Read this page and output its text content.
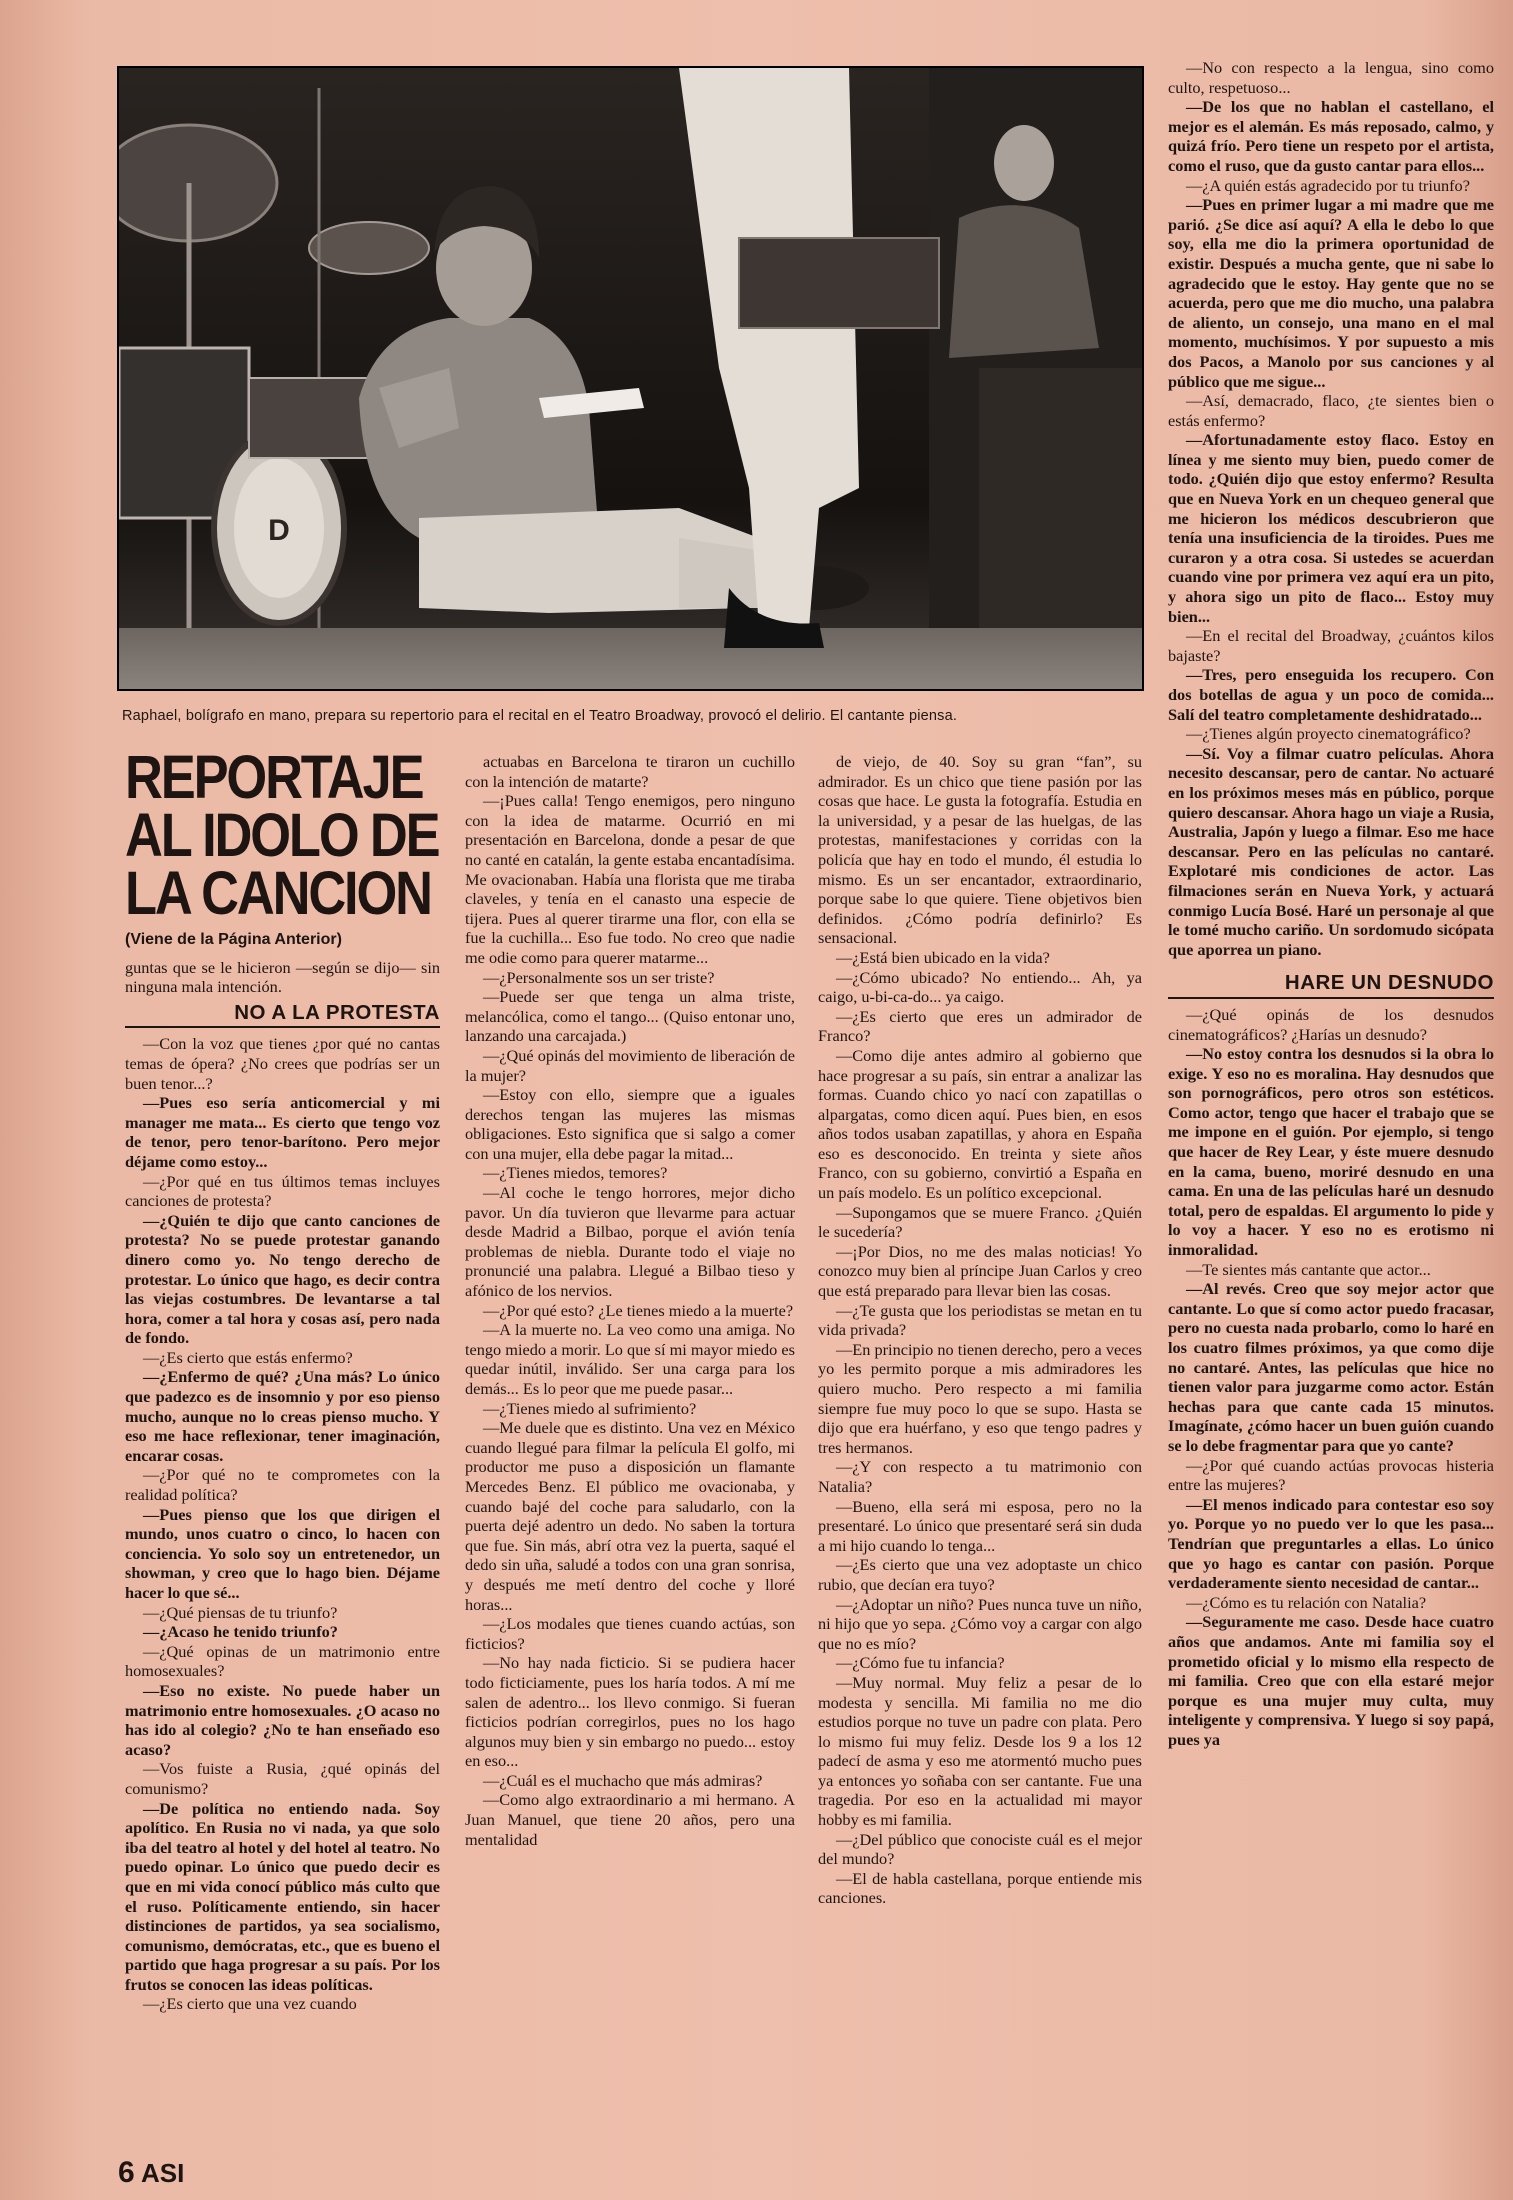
D
Raphael, bolígrafo en mano, prepara su repertorio para el recital en el Teatro Broadway, provocó el delirio. El cantante piensa.
REPORTAJE
AL IDOLO DE
LA CANCION
(Viene de la Página Anterior)

guntas que se le hicieron —según se dijo— sin ninguna mala intención.

NO A LA PROTESTA

—Con la voz que tienes ¿por qué no cantas temas de ópera? ¿No crees que podrías ser un buen tenor...?

—Pues eso sería anticomercial y mi manager me mata... Es cierto que tengo voz de tenor, pero tenor-barítono. Pero mejor déjame como estoy...

—¿Por qué en tus últimos temas incluyes canciones de protesta?

—¿Quién te dijo que canto canciones de protesta? No se puede protestar ganando dinero como yo. No tengo derecho de protestar. Lo único que hago, es decir contra las viejas costumbres. De levantarse a tal hora, comer a tal hora y cosas así, pero nada de fondo.

—¿Es cierto que estás enfermo?

—¿Enfermo de qué? ¿Una más? Lo único que padezco es de insomnio y por eso pienso mucho, aunque no lo creas pienso mucho. Y eso me hace reflexionar, tener imaginación, encarar cosas.

—¿Por qué no te comprometes con la realidad política?

—Pues pienso que los que dirigen el mundo, unos cuatro o cinco, lo hacen con conciencia. Yo solo soy un entretenedor, un showman, y creo que lo hago bien. Déjame hacer lo que sé...

—¿Qué piensas de tu triunfo?

—¿Acaso he tenido triunfo?

—¿Qué opinas de un matrimonio entre homosexuales?

—Eso no existe. No puede haber un matrimonio entre homosexuales. ¿O acaso no has ido al colegio? ¿No te han enseñado eso acaso?

—Vos fuiste a Rusia, ¿qué opinás del comunismo?

—De política no entiendo nada. Soy apolítico. En Rusia no vi nada, ya que solo iba del teatro al hotel y del hotel al teatro. No puedo opinar. Lo único que puedo decir es que en mi vida conocí público más culto que el ruso. Políticamente entiendo, sin hacer distinciones de partidos, ya sea socialismo, comunismo, demócratas, etc., que es bueno el partido que haga progresar a su país. Por los frutos se conocen las ideas políticas.

—¿Es cierto que una vez cuando

actuabas en Barcelona te tiraron un cuchillo con la intención de matarte?

—¡Pues calla! Tengo enemigos, pero ninguno con la idea de matarme. Ocurrió en mi presentación en Barcelona, donde a pesar de que no canté en catalán, la gente estaba encantadísima. Me ovacionaban. Había una florista que me tiraba claveles, y tenía en el canasto una especie de tijera. Pues al querer tirarme una flor, con ella se fue la cuchilla... Eso fue todo. No creo que nadie me odie como para querer matarme...

—¿Personalmente sos un ser triste?

—Puede ser que tenga un alma triste, melancólica, como el tango... (Quiso entonar uno, lanzando una carcajada.)

—¿Qué opinás del movimiento de liberación de la mujer?

—Estoy con ello, siempre que a iguales derechos tengan las mujeres las mismas obligaciones. Esto significa que si salgo a comer con una mujer, ella debe pagar la mitad...

—¿Tienes miedos, temores?

—Al coche le tengo horrores, mejor dicho pavor. Un día tuvieron que llevarme para actuar desde Madrid a Bilbao, porque el avión tenía problemas de niebla. Durante todo el viaje no pronuncié una palabra. Llegué a Bilbao tieso y afónico de los nervios.

—¿Por qué esto? ¿Le tienes miedo a la muerte?

—A la muerte no. La veo como una amiga. No tengo miedo a morir. Lo que sí mi mayor miedo es quedar inútil, inválido. Ser una carga para los demás... Es lo peor que me puede pasar...

—¿Tienes miedo al sufrimiento?

—Me duele que es distinto. Una vez en México cuando llegué para filmar la película El golfo, mi productor me puso a disposición un flamante Mercedes Benz. El público me ovacionaba, y cuando bajé del coche para saludarlo, con la puerta dejé adentro un dedo. No saben la tortura que fue. Sin más, abrí otra vez la puerta, saqué el dedo sin uña, saludé a todos con una gran sonrisa, y después me metí dentro del coche y lloré horas...

—¿Los modales que tienes cuando actúas, son ficticios?

—No hay nada ficticio. Si se pudiera hacer todo ficticiamente, pues los haría todos. A mí me salen de adentro... los llevo conmigo. Si fueran ficticios podrían corregirlos, pues no los hago algunos muy bien y sin embargo no puedo... estoy en eso...

—¿Cuál es el muchacho que más admiras?

—Como algo extraordinario a mi hermano. A Juan Manuel, que tiene 20 años, pero una mentalidad

de viejo, de 40. Soy su gran “fan”, su admirador. Es un chico que tiene pasión por las cosas que hace. Le gusta la fotografía. Estudia en la universidad, y a pesar de las huelgas, de las protestas, manifestaciones y corridas con la policía que hay en todo el mundo, él estudia lo mismo. Es un ser encantador, extraordinario, porque sabe lo que quiere. Tiene objetivos bien definidos. ¿Cómo podría definirlo? Es sensacional.

—¿Está bien ubicado en la vida?

—¿Cómo ubicado? No entiendo... Ah, ya caigo, u-bi-ca-do... ya caigo.

—¿Es cierto que eres un admirador de Franco?

—Como dije antes admiro al gobierno que hace progresar a su país, sin entrar a analizar las formas. Cuando chico yo nací con zapatillas o alpargatas, como dicen aquí. Pues bien, en esos años todos usaban zapatillas, y ahora en España eso es desconocido. En treinta y siete años Franco, con su gobierno, convirtió a España en un país modelo. Es un político excepcional.

—Supongamos que se muere Franco. ¿Quién le sucedería?

—¡Por Dios, no me des malas noticias! Yo conozco muy bien al príncipe Juan Carlos y creo que está preparado para llevar bien las cosas.

—¿Te gusta que los periodistas se metan en tu vida privada?

—En principio no tienen derecho, pero a veces yo les permito porque a mis admiradores les quiero mucho. Pero respecto a mi familia siempre fue muy poco lo que se supo. Hasta se dijo que era huérfano, y eso que tengo padres y tres hermanos.

—¿Y con respecto a tu matrimonio con Natalia?

—Bueno, ella será mi esposa, pero no la presentaré. Lo único que presentaré será sin duda a mi hijo cuando lo tenga...

—¿Es cierto que una vez adoptaste un chico rubio, que decían era tuyo?

—¿Adoptar un niño? Pues nunca tuve un niño, ni hijo que yo sepa. ¿Cómo voy a cargar con algo que no es mío?

—¿Cómo fue tu infancia?

—Muy normal. Muy feliz a pesar de lo modesta y sencilla. Mi familia no me dio estudios porque no tuve un padre con plata. Pero lo mismo fui muy feliz. Desde los 9 a los 12 padecí de asma y eso me atormentó mucho pues ya entonces yo soñaba con ser cantante. Fue una tragedia. Por eso en la actualidad mi mayor hobby es mi familia.

—¿Del público que conociste cuál es el mejor del mundo?

—El de habla castellana, porque entiende mis canciones.

—No con respecto a la lengua, sino como culto, respetuoso...

—De los que no hablan el castellano, el mejor es el alemán. Es más reposado, calmo, y quizá frío. Pero tiene un respeto por el artista, como el ruso, que da gusto cantar para ellos...

—¿A quién estás agradecido por tu triunfo?

—Pues en primer lugar a mi madre que me parió. ¿Se dice así aquí? A ella le debo lo que soy, ella me dio la primera oportunidad de existir. Después a mucha gente, que ni sabe lo agradecido que le estoy. Hay gente que no se acuerda, pero que me dio mucho, una palabra de aliento, un consejo, una mano en el mal momento, muchísimos. Y por supuesto a mis dos Pacos, a Manolo por sus canciones y al público que me sigue...

—Así, demacrado, flaco, ¿te sientes bien o estás enfermo?

—Afortunadamente estoy flaco. Estoy en línea y me siento muy bien, puedo comer de todo. ¿Quién dijo que estoy enfermo? Resulta que en Nueva York en un chequeo general que me hicieron los médicos descubrieron que tenía una insuficiencia de la tiroides. Pues me curaron y a otra cosa. Si ustedes se acuerdan cuando vine por primera vez aquí era un pito, y ahora sigo un pito de flaco... Estoy muy bien...

—En el recital del Broadway, ¿cuántos kilos bajaste?

—Tres, pero enseguida los recupero. Con dos botellas de agua y un poco de comida... Salí del teatro completamente deshidratado...

—¿Tienes algún proyecto cinematográfico?

—Sí. Voy a filmar cuatro películas. Ahora necesito descansar, pero de cantar. No actuaré en los próximos meses más en público, porque quiero descansar. Ahora hago un viaje a Rusia, Australia, Japón y luego a filmar. Eso me hace descansar. Pero en las películas no cantaré. Explotaré mis condiciones de actor. Las filmaciones serán en Nueva York, y actuará conmigo Lucía Bosé. Haré un personaje al que le tomé mucho cariño. Un sordomudo sicópata que aporrea un piano.

HARE UN DESNUDO

—¿Qué opinás de los desnudos cinematográficos? ¿Harías un desnudo?

—No estoy contra los desnudos si la obra lo exige. Y eso no es moralina. Hay desnudos que son pornográficos, pero otros son estéticos. Como actor, tengo que hacer el trabajo que se me impone en el guión. Por ejemplo, si tengo que hacer de Rey Lear, y éste muere desnudo en la cama, bueno, moriré desnudo en una cama. En una de las películas haré un desnudo total, pero de espaldas. El argumento lo pide y lo voy a hacer. Y eso no es erotismo ni inmoralidad.

—Te sientes más cantante que actor...

—Al revés. Creo que soy mejor actor que cantante. Lo que sí como actor puedo fracasar, pero no cuesta nada probarlo, como lo haré en los cuatro filmes próximos, ya que como dije no cantaré. Antes, las películas que hice no tienen valor para juzgarme como actor. Están hechas para que cante cada 15 minutos. Imagínate, ¿cómo hacer un buen guión cuando se lo debe fragmentar para que yo cante?

—¿Por qué cuando actúas provocas histeria entre las mujeres?

—El menos indicado para contestar eso soy yo. Porque yo no puedo ver lo que les pasa... Tendrían que preguntarles a ellas. Lo único que yo hago es cantar con pasión. Porque verdaderamente siento necesidad de cantar...

—¿Cómo es tu relación con Natalia?

—Seguramente me caso. Desde hace cuatro años que andamos. Ante mi familia soy el prometido oficial y lo mismo ella respecto de mi familia. Creo que con ella estaré mejor porque es una mujer muy culta, muy inteligente y comprensiva. Y luego si soy papá, pues ya

6 ASI
